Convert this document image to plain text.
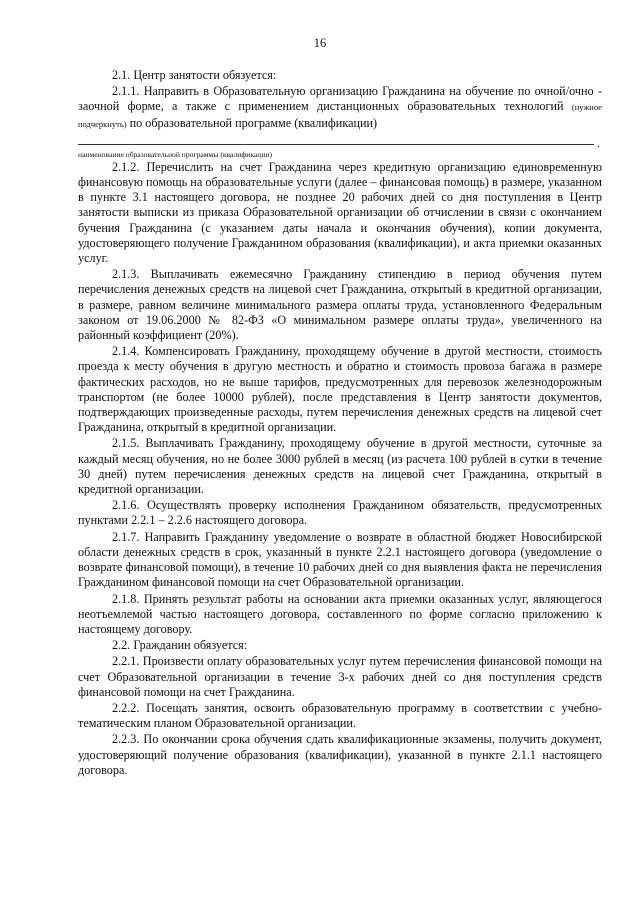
16

2.1. Центр занятости обязуется:

2.1.1. Направить в Образовательную организацию Гражданина на обучение по очной/очно - заочной форме, а также с применением дистанционных образовательных технологий (нужное подчеркнуть) по образовательной программе (квалификации)

.

наименование образовательной программы (квалификации)

2.1.2. Перечислить на счет Гражданина через кредитную организацию единовременную финансовую помощь на образовательные услуги (далее – финансовая помощь) в размере, указанном в пункте 3.1 настоящего договора, не позднее 20 рабочих дней со дня поступления в Центр занятости выписки из приказа Образовательной организации об отчислении в связи с окончанием бучения Гражданина (с указанием даты начала и окончания обучения), копии документа, удостоверяющего получение Гражданином образования (квалификации), и акта приемки оказанных услуг.

2.1.3. Выплачивать ежемесячно Гражданину стипендию в период обучения путем перечисления денежных средств на лицевой счет Гражданина, открытый в кредитной организации, в размере, равном величине минимального размера оплаты труда, установленного Федеральным законом от 19.06.2000 № 82-ФЗ «О минимальном размере оплаты труда», увеличенного на районный коэффициент (20%).

2.1.4. Компенсировать Гражданину, проходящему обучение в другой местности, стоимость проезда к месту обучения в другую местность и обратно и стоимость провоза багажа в размере фактических расходов, но не выше тарифов, предусмотренных для перевозок железнодорожным транспортом (не более 10000 рублей), после представления в Центр занятости документов, подтверждающих произведенные расходы, путем перечисления денежных средств на лицевой счет Гражданина, открытый в кредитной организации.

2.1.5. Выплачивать Гражданину, проходящему обучение в другой местности, суточные за каждый месяц обучения, но не более 3000 рублей в месяц (из расчета 100 рублей в сутки в течение 30 дней) путем перечисления денежных средств на лицевой счет Гражданина, открытый в кредитной организации.

2.1.6. Осуществлять проверку исполнения Гражданином обязательств, предусмотренных пунктами 2.2.1 – 2.2.6 настоящего договора.

2.1.7. Направить Гражданину уведомление о возврате в областной бюджет Новосибирской области денежных средств в срок, указанный в пункте 2.2.1 настоящего договора (уведомление о возврате финансовой помощи), в течение 10 рабочих дней со дня выявления факта не перечисления Гражданином финансовой помощи на счет Образовательной организации.

2.1.8. Принять результат работы на основании акта приемки оказанных услуг, являющегося неотъемлемой частью настоящего договора, составленного по форме согласно приложению к настоящему договору.

2.2. Гражданин обязуется:

2.2.1. Произвести оплату образовательных услуг путем перечисления финансовой помощи на счет Образовательной организации в течение 3-х рабочих дней со дня поступления средств финансовой помощи на счет Гражданина.

2.2.2. Посещать занятия, освоить образовательную программу в соответствии с учебно-тематическим планом Образовательной организации.

2.2.3. По окончании срока обучения сдать квалификационные экзамены, получить документ, удостоверяющий получение образования (квалификации), указанной в пункте 2.1.1 настоящего договора.
